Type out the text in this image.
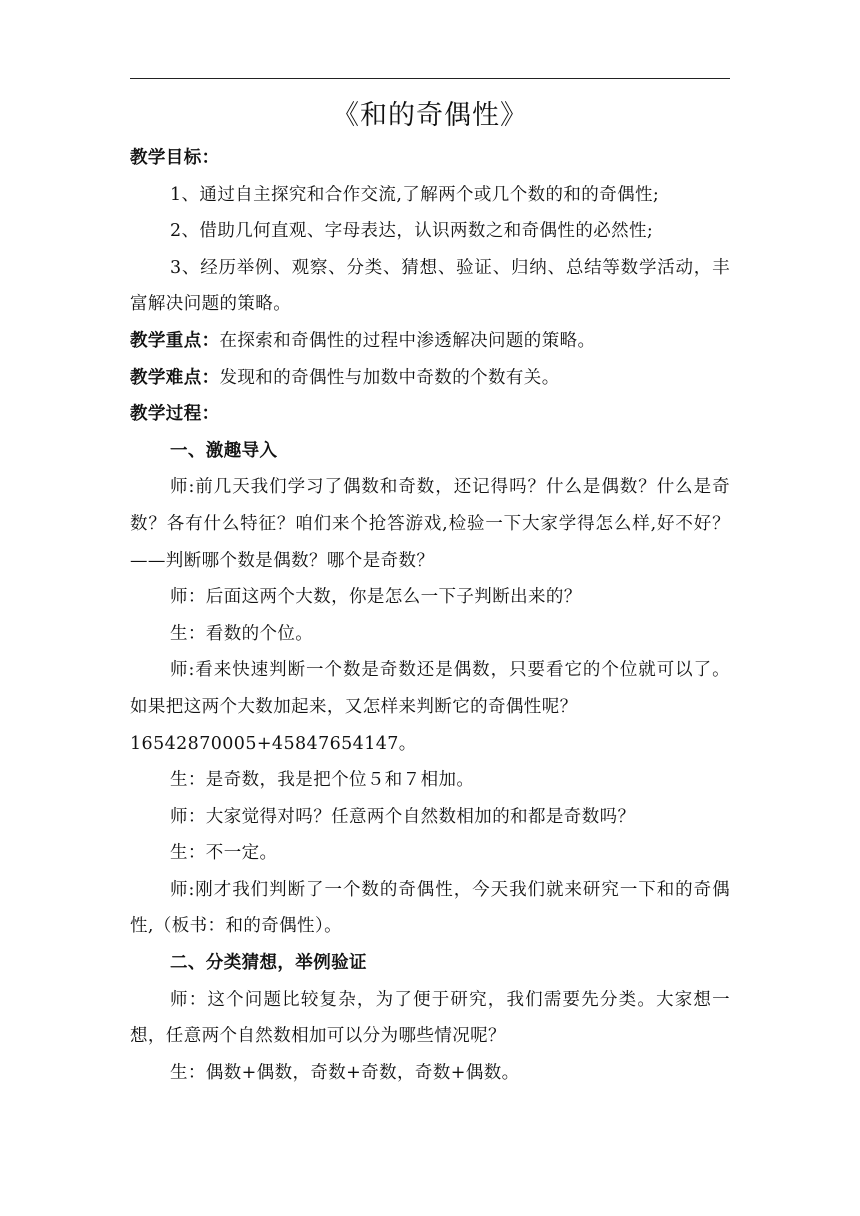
《和的奇偶性》

教学目标：

1、通过自主探究和合作交流,了解两个或几个数的和的奇偶性;

2、借助几何直观、字母表达，认识两数之和奇偶性的必然性;

3、经历举例、观察、分类、猜想、验证、归纳、总结等数学活动，丰富解决问题的策略。

教学重点：在探索和奇偶性的过程中渗透解决问题的策略。

教学难点：发现和的奇偶性与加数中奇数的个数有关。

教学过程：

一、激趣导入

师:前几天我们学习了偶数和奇数，还记得吗？什么是偶数？什么是奇数？各有什么特征？咱们来个抢答游戏,检验一下大家学得怎么样,好不好？——判断哪个数是偶数？哪个是奇数？

师：后面这两个大数，你是怎么一下子判断出来的？

生：看数的个位。

师:看来快速判断一个数是奇数还是偶数，只要看它的个位就可以了。如果把这两个大数加起来，又怎样来判断它的奇偶性呢？

16542870005+45847654147。

生：是奇数，我是把个位５和７相加。

师：大家觉得对吗？任意两个自然数相加的和都是奇数吗？

生：不一定。

师:刚才我们判断了一个数的奇偶性，今天我们就来研究一下和的奇偶性,（板书：和的奇偶性）。

二、分类猜想，举例验证

师：这个问题比较复杂，为了便于研究，我们需要先分类。大家想一想，任意两个自然数相加可以分为哪些情况呢？

生：偶数+偶数，奇数+奇数，奇数+偶数。
